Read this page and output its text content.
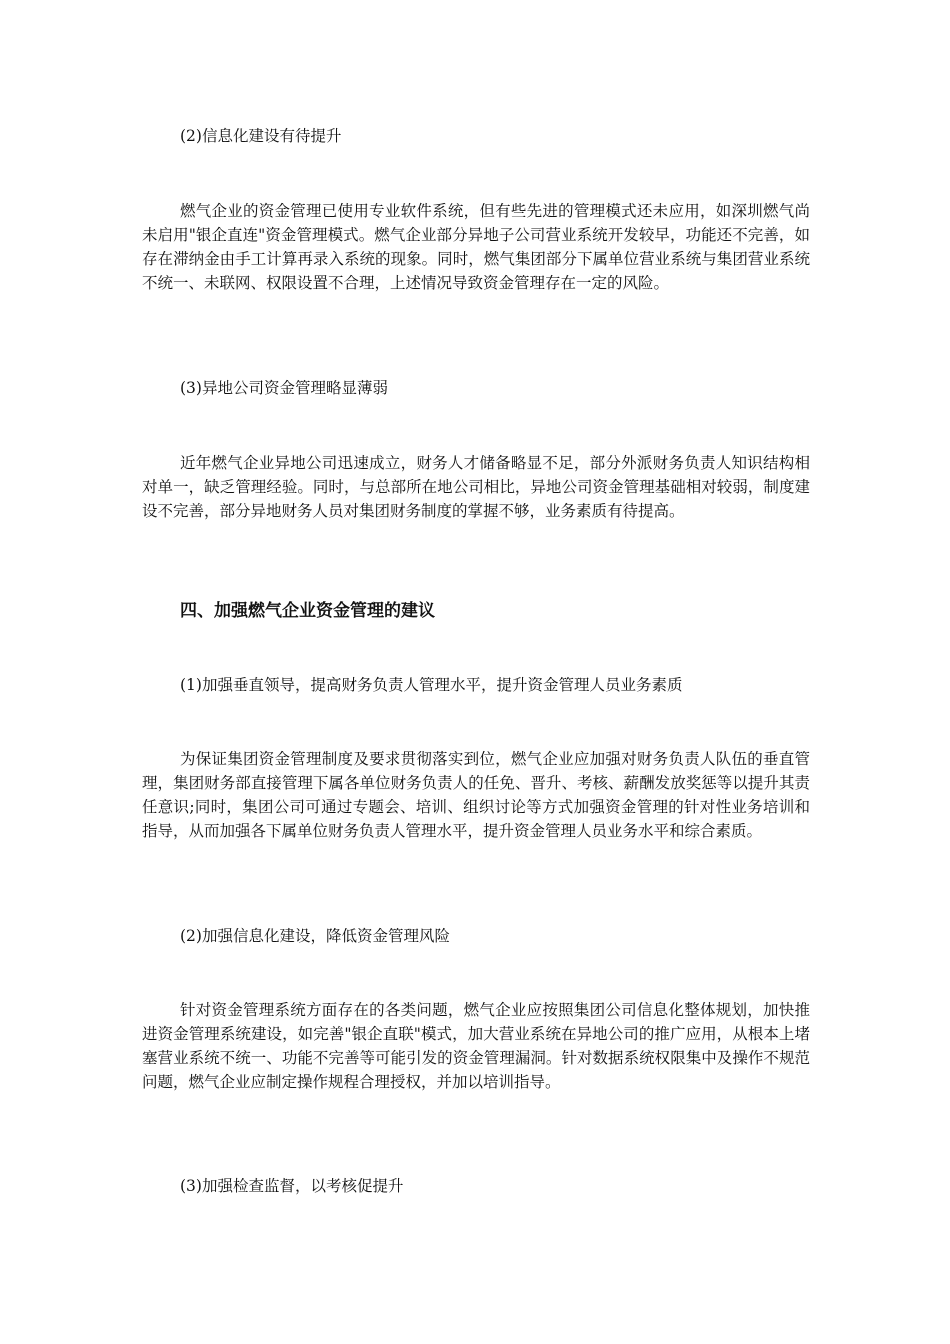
(2)信息化建设有待提升

燃气企业的资金管理已使用专业软件系统，但有些先进的管理模式还未应用，如深圳燃气尚未启用"银企直连"资金管理模式。燃气企业部分异地子公司营业系统开发较早，功能还不完善，如存在滞纳金由手工计算再录入系统的现象。同时，燃气集团部分下属单位营业系统与集团营业系统不统一、未联网、权限设置不合理，上述情况导致资金管理存在一定的风险。

(3)异地公司资金管理略显薄弱

近年燃气企业异地公司迅速成立，财务人才储备略显不足，部分外派财务负责人知识结构相对单一，缺乏管理经验。同时，与总部所在地公司相比，异地公司资金管理基础相对较弱，制度建设不完善，部分异地财务人员对集团财务制度的掌握不够，业务素质有待提高。

四、加强燃气企业资金管理的建议

(1)加强垂直领导，提高财务负责人管理水平，提升资金管理人员业务素质

为保证集团资金管理制度及要求贯彻落实到位，燃气企业应加强对财务负责人队伍的垂直管理，集团财务部直接管理下属各单位财务负责人的任免、晋升、考核、薪酬发放奖惩等以提升其责任意识;同时，集团公司可通过专题会、培训、组织讨论等方式加强资金管理的针对性业务培训和指导，从而加强各下属单位财务负责人管理水平，提升资金管理人员业务水平和综合素质。

(2)加强信息化建设，降低资金管理风险

针对资金管理系统方面存在的各类问题，燃气企业应按照集团公司信息化整体规划，加快推进资金管理系统建设，如完善"银企直联"模式，加大营业系统在异地公司的推广应用，从根本上堵塞营业系统不统一、功能不完善等可能引发的资金管理漏洞。针对数据系统权限集中及操作不规范问题，燃气企业应制定操作规程合理授权，并加以培训指导。

(3)加强检查监督，以考核促提升
